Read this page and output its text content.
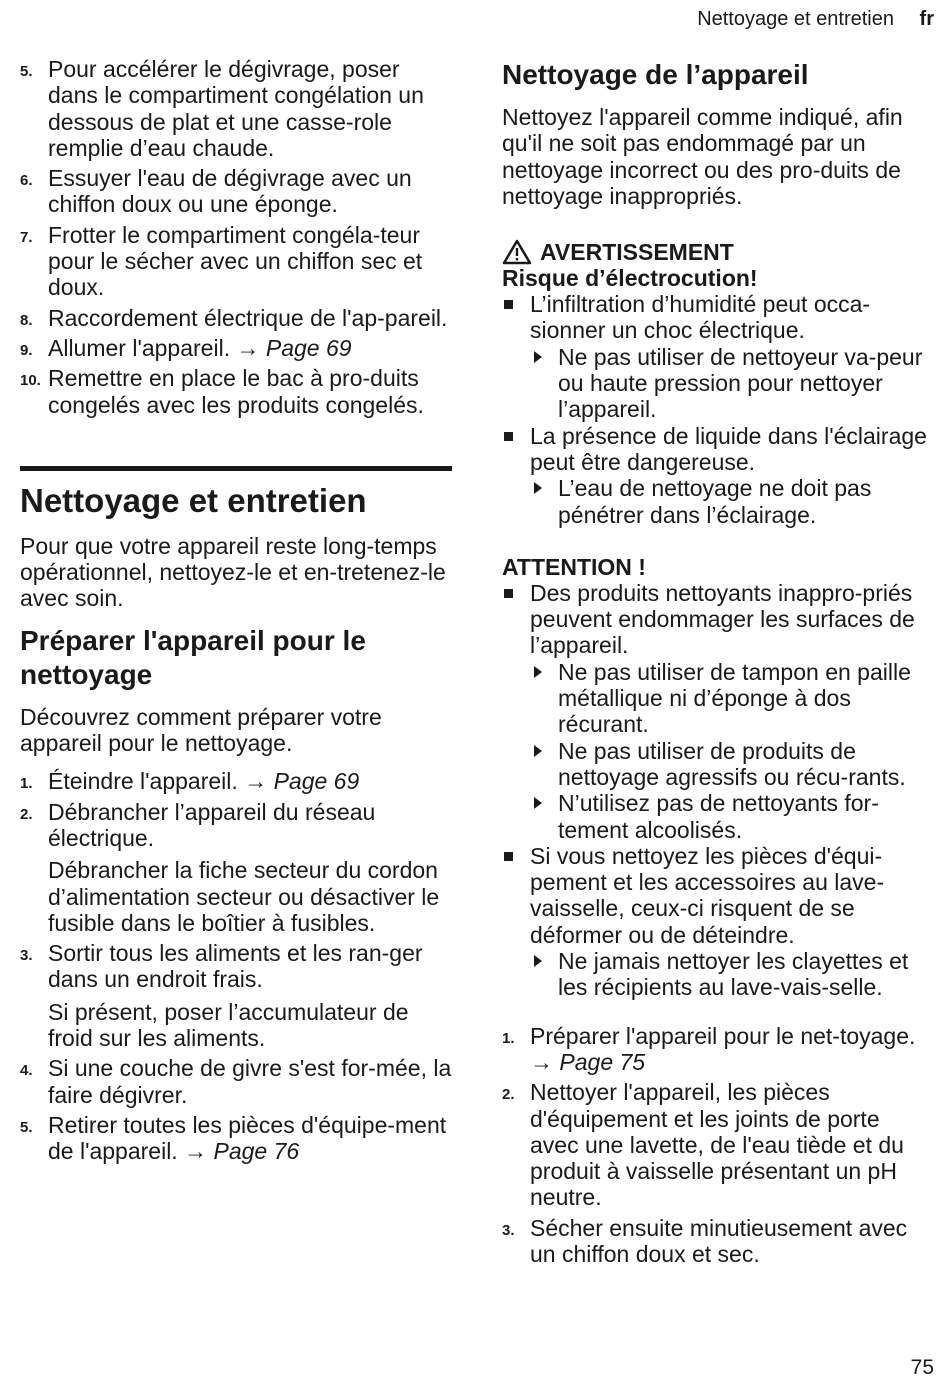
Nettoyage et entretien fr
5. Pour accélérer le dégivrage, poser dans le compartiment congélation un dessous de plat et une casse-role remplie d’eau chaude.
6. Essuyer l'eau de dégivrage avec un chiffon doux ou une éponge.
7. Frotter le compartiment congéla-teur pour le sécher avec un chiffon sec et doux.
8. Raccordement électrique de l'ap-pareil.
9. Allumer l'appareil. → Page 69
10. Remettre en place le bac à pro-duits congelés avec les produits congelés.
Nettoyage et entretien

Pour que votre appareil reste long-temps opérationnel, nettoyez-le et en-tretenez-le avec soin.

Préparer l'appareil pour le nettoyage

Découvrez comment préparer votre appareil pour le nettoyage.

1. Éteindre l'appareil. → Page 69
2. Débrancher l’appareil du réseau électrique.
Débrancher la fiche secteur du cordon d’alimentation secteur ou désactiver le fusible dans le boîtier à fusibles.
3. Sortir tous les aliments et les ran-ger dans un endroit frais.
Si présent, poser l’accumulateur de froid sur les aliments.
4. Si une couche de givre s'est for-mée, la faire dégivrer.
5. Retirer toutes les pièces d'équipe-ment de l'appareil. → Page 76
Nettoyage de l’appareil

Nettoyez l'appareil comme indiqué, afin qu'il ne soit pas endommagé par un nettoyage incorrect ou des pro-duits de nettoyage inappropriés.

AVERTISSEMENT
Risque d’électrocution!
L’infiltration d’humidité peut occa-sionner un choc électrique.
Ne pas utiliser de nettoyeur va-peur ou haute pression pour nettoyer l’appareil.
La présence de liquide dans l'éclairage peut être dangereuse.
L’eau de nettoyage ne doit pas pénétrer dans l’éclairage.
ATTENTION !
Des produits nettoyants inappro-priés peuvent endommager les surfaces de l’appareil.
Ne pas utiliser de tampon en paille métallique ni d’éponge à dos récurant.
Ne pas utiliser de produits de nettoyage agressifs ou récu-rants.
N’utilisez pas de nettoyants for-tement alcoolisés.
Si vous nettoyez les pièces d'équi-pement et les accessoires au lave-vaisselle, ceux-ci risquent de se déformer ou de déteindre.
Ne jamais nettoyer les clayettes et les récipients au lave-vais-selle.
1. Préparer l'appareil pour le net-toyage. → Page 75
2. Nettoyer l'appareil, les pièces d'équipement et les joints de porte avec une lavette, de l'eau tiède et du produit à vaisselle présentant un pH neutre.
3. Sécher ensuite minutieusement avec un chiffon doux et sec.
75
